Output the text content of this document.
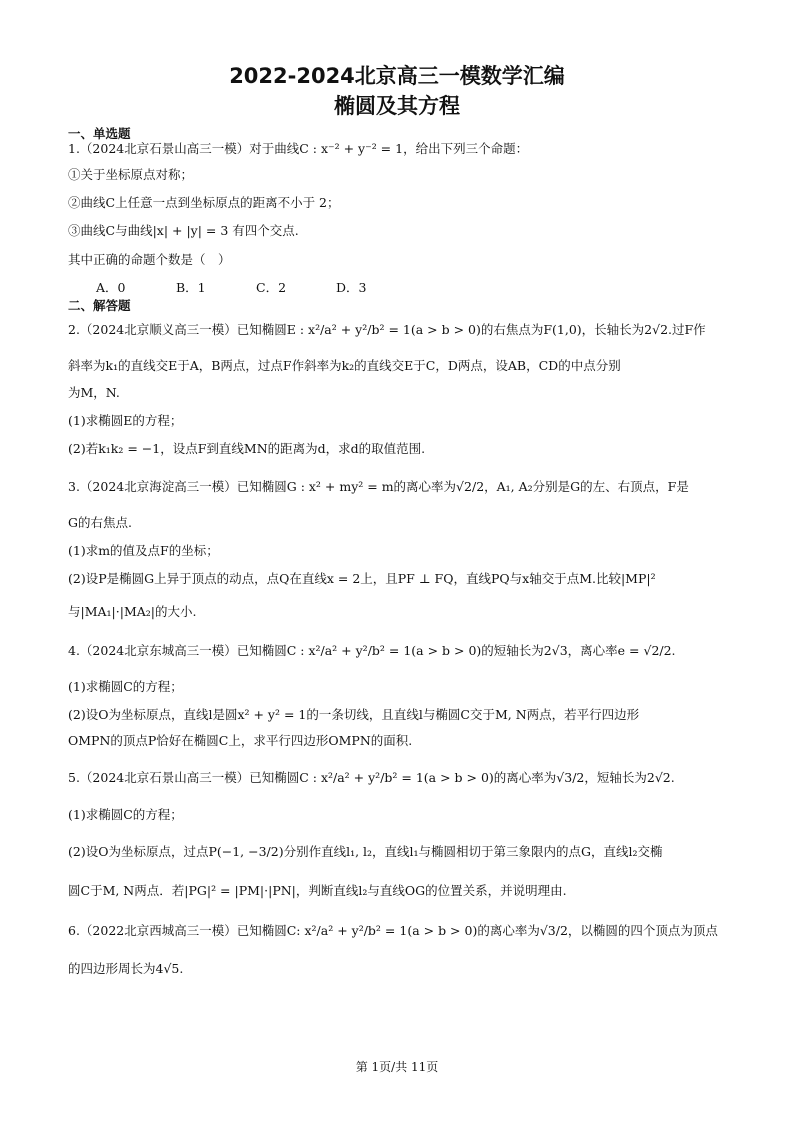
2022-2024北京高三一模数学汇编
椭圆及其方程
一、单选题
1.（2024北京石景山高三一模）对于曲线C : x⁻² + y⁻² = 1，给出下列三个命题：
①关于坐标原点对称；
②曲线C上任意一点到坐标原点的距离不小于 2；
③曲线C与曲线|x| + |y| = 3 有四个交点.
其中正确的命题个数是（　）
A．0	B．1	C．2	D．3
二、解答题
2.（2024北京顺义高三一模）已知椭圆E : x²/a² + y²/b² = 1(a > b > 0)的右焦点为F(1,0)，长轴长为2√2.过F作
斜率为k₁的直线交E于A，B两点，过点F作斜率为k₂的直线交E于C，D两点，设AB，CD的中点分别
为M，N.
(1)求椭圆E的方程；
(2)若k₁k₂ = −1，设点F到直线MN的距离为d，求d的取值范围.
3.（2024北京海淀高三一模）已知椭圆G : x² + my² = m的离心率为√2/2，A₁, A₂分别是G的左、右顶点，F是
G的右焦点.
(1)求m的值及点F的坐标；
(2)设P是椭圆G上异于顶点的动点，点Q在直线x = 2上，且PF ⊥ FQ，直线PQ与x轴交于点M.比较|MP|²
与|MA₁|·|MA₂|的大小.
4.（2024北京东城高三一模）已知椭圆C : x²/a² + y²/b² = 1(a > b > 0)的短轴长为2√3，离心率e = √2/2.
(1)求椭圆C的方程；
(2)设O为坐标原点，直线l是圆x² + y² = 1的一条切线，且直线l与椭圆C交于M, N两点，若平行四边形
OMPN的顶点P恰好在椭圆C上，求平行四边形OMPN的面积.
5.（2024北京石景山高三一模）已知椭圆C : x²/a² + y²/b² = 1(a > b > 0)的离心率为√3/2，短轴长为2√2.
(1)求椭圆C的方程；
(2)设O为坐标原点，过点P(−1, −3/2)分别作直线l₁, l₂，直线l₁与椭圆相切于第三象限内的点G，直线l₂交椭
圆C于M, N两点．若|PG|² = |PM|·|PN|，判断直线l₂与直线OG的位置关系，并说明理由.
6.（2022北京西城高三一模）已知椭圆C: x²/a² + y²/b² = 1(a > b > 0)的离心率为√3/2，以椭圆的四个顶点为顶点
的四边形周长为4√5.
第 1页/共 11页
